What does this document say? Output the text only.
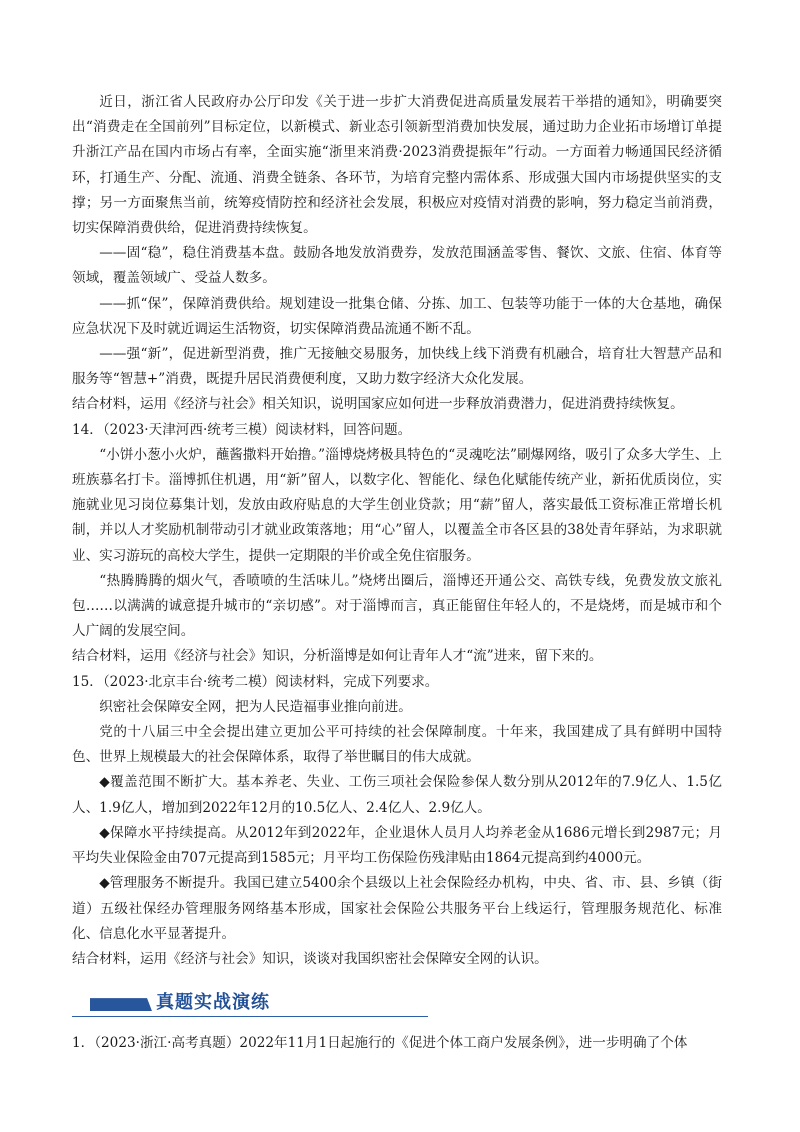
近日，浙江省人民政府办公厅印发《关于进一步扩大消费促进高质量发展若干举措的通知》，明确要突出“消费走在全国前列”目标定位，以新模式、新业态引领新型消费加快发展，通过助力企业拓市场增订单提升浙江产品在国内市场占有率，全面实施“浙里来消费·2023消费提振年”行动。一方面着力畅通国民经济循环，打通生产、分配、流通、消费全链条、各环节，为培育完整内需体系、形成强大国内市场提供坚实的支撑；另一方面聚焦当前，统筹疫情防控和经济社会发展，积极应对疫情对消费的影响，努力稳定当前消费，切实保障消费供给，促进消费持续恢复。

——固“稳”，稳住消费基本盘。鼓励各地发放消费券，发放范围涵盖零售、餐饮、文旅、住宿、体育等领域，覆盖领域广、受益人数多。

——抓“保”，保障消费供给。规划建设一批集仓储、分拣、加工、包装等功能于一体的大仓基地，确保应急状况下及时就近调运生活物资，切实保障消费品流通不断不乱。

——强“新”，促进新型消费，推广无接触交易服务，加快线上线下消费有机融合，培育壮大智慧产品和服务等“智慧+”消费，既提升居民消费便利度，又助力数字经济大众化发展。

结合材料，运用《经济与社会》相关知识，说明国家应如何进一步释放消费潜力，促进消费持续恢复。

14．（2023·天津河西·统考三模）阅读材料，回答问题。

“小饼小葱小火炉，蘸酱撒料开始撸。”淄博烧烤极具特色的“灵魂吃法”刷爆网络，吸引了众多大学生、上班族慕名打卡。淄博抓住机遇，用“新”留人，以数字化、智能化、绿色化赋能传统产业，新拓优质岗位，实施就业见习岗位募集计划，发放由政府贴息的大学生创业贷款；用“薪”留人，落实最低工资标准正常增长机制，并以人才奖励机制带动引才就业政策落地；用“心”留人，以覆盖全市各区县的38处青年驿站，为求职就业、实习游玩的高校大学生，提供一定期限的半价或全免住宿服务。

“热腾腾腾的烟火气，香喷喷的生活味儿。”烧烤出圈后，淄博还开通公交、高铁专线，免费发放文旅礼包……以满满的诚意提升城市的“亲切感”。对于淄博而言，真正能留住年轻人的，不是烧烤，而是城市和个人广阔的发展空间。

结合材料，运用《经济与社会》知识，分析淄博是如何让青年人才“流”进来，留下来的。

15．（2023·北京丰台·统考二模）阅读材料，完成下列要求。

织密社会保障安全网，把为人民造福事业推向前进。

党的十八届三中全会提出建立更加公平可持续的社会保障制度。十年来，我国建成了具有鲜明中国特色、世界上规模最大的社会保障体系，取得了举世瞩目的伟大成就。

◆覆盖范围不断扩大。基本养老、失业、工伤三项社会保险参保人数分别从2012年的7.9亿人、1.5亿人、1.9亿人，增加到2022年12月的10.5亿人、2.4亿人、2.9亿人。

◆保障水平持续提高。从2012年到2022年，企业退休人员月人均养老金从1686元增长到2987元；月平均失业保险金由707元提高到1585元；月平均工伤保险伤残津贴由1864元提高到约4000元。

◆管理服务不断提升。我国已建立5400余个县级以上社会保险经办机构，中央、省、市、县、乡镇（街道）五级社保经办管理服务网络基本形成，国家社会保险公共服务平台上线运行，管理服务规范化、标准化、信息化水平显著提升。

结合材料，运用《经济与社会》知识，谈谈对我国织密社会保障安全网的认识。

真题实战演练

1．（2023·浙江·高考真题）2022年11月1日起施行的《促进个体工商户发展条例》，进一步明确了个体
